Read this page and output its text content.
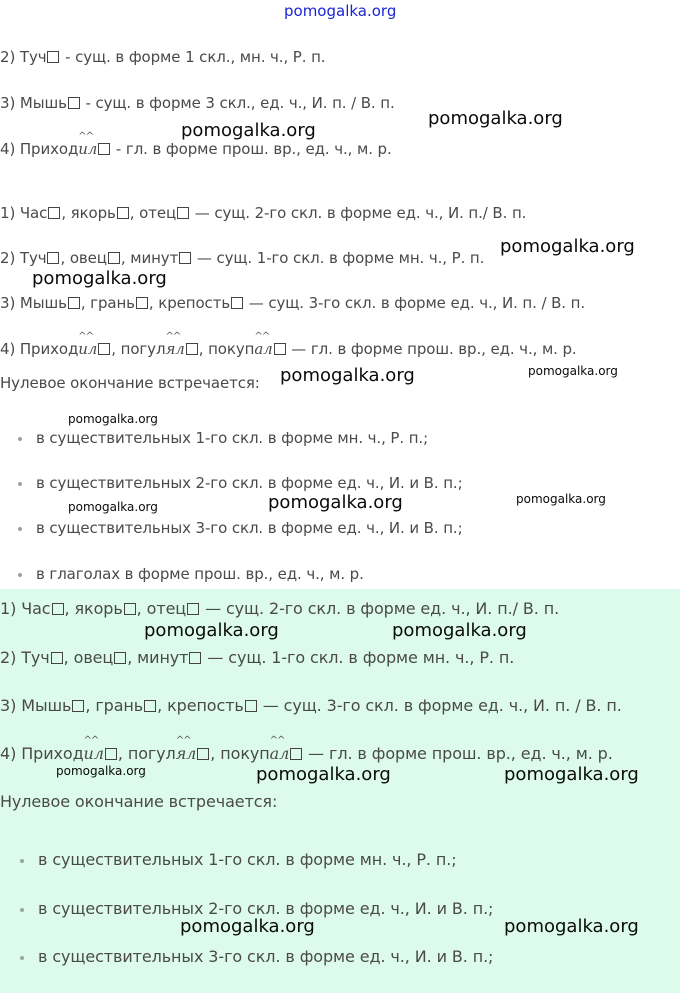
pomogalka.org
2) Туч - сущ. в форме 1 скл., мн. ч., Р. п.
3) Мышь - сущ. в форме 3 скл., ед. ч., И. п. / В. п.
4) Приход
^^
ил - гл. в форме прош. вр., ед. ч., м. р.
1) Час , якорь , отец — сущ. 2-го скл. в форме ед. ч., И. п./ В. п.
2) Туч , овец , минут — сущ. 1-го скл. в форме мн. ч., Р. п.
3) Мышь , грань , крепость — сущ. 3-го скл. в форме ед. ч., И. п. / В. п.
4) Приход
^^
ил , погул
^^
ял , покуп
^^
ал — гл. в форме прош. вр., ед. ч., м. р.
Нулевое окончание встречается:
в существительных 1-го скл. в форме мн. ч., Р. п.;
в существительных 2-го скл. в форме ед. ч., И. и В. п.;
в существительных 3-го скл. в форме ед. ч., И. и В. п.;
в глаголах в форме прош. вр., ед. ч., м. р.
1) Час , якорь , отец — сущ. 2-го скл. в форме ед. ч., И. п./ В. п.
2) Туч , овец , минут — сущ. 1-го скл. в форме мн. ч., Р. п.
3) Мышь , грань , крепость — сущ. 3-го скл. в форме ед. ч., И. п. / В. п.
4) Приход
^^
ил , погул
^^
ял , покуп
^^
ал — гл. в форме прош. вр., ед. ч., м. р.
Нулевое окончание встречается:
в существительных 1-го скл. в форме мн. ч., Р. п.;
в существительных 2-го скл. в форме ед. ч., И. и В. п.;
в существительных 3-го скл. в форме ед. ч., И. и В. п.;
pomogalka.org
pomogalka.org
pomogalka.org
pomogalka.org
pomogalka.org	pomogalka.org
pomogalka.org
pomogalka.org	pomogalka.org	pomogalka.org
pomogalka.org	pomogalka.org
pomogalka.org	pomogalka.org	pomogalka.org
pomogalka.org	pomogalka.org
